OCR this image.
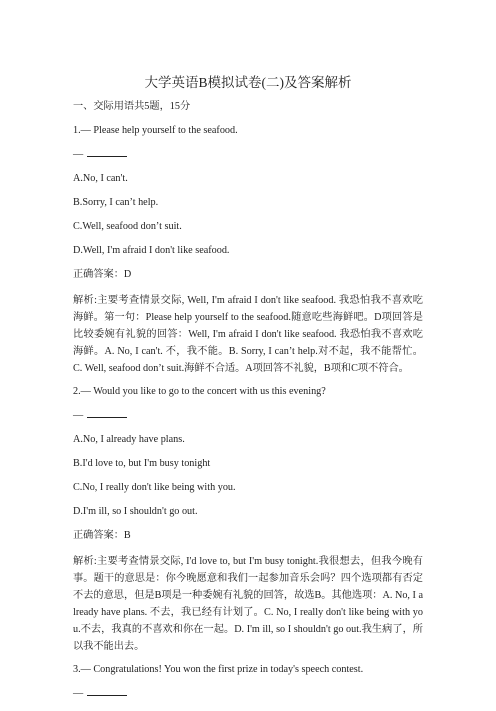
大学英语B模拟试卷(二)及答案解析

一、交际用语共5题，15分

1.— Please help yourself to the seafood.

—

A.No, I can't.

B.Sorry, I can’t help.

C.Well, seafood don’t suit.

D.Well, I'm afraid I don't like seafood.

正确答案：D

解析:主要考查情景交际, Well, I'm afraid I don't like seafood. 我恐怕我不喜欢吃海鲜。第一句：Please help yourself to the seafood.随意吃些海鲜吧。D项回答是比较委婉有礼貌的回答：Well, I'm afraid I don't like seafood. 我恐怕我不喜欢吃海鲜。A. No, I can't. 不，我不能。B. Sorry, I can’t help.对不起，我不能帮忙。C. Well, seafood don’t suit.海鲜不合适。A项回答不礼貌，B项和C项不符合。

2.— Would you like to go to the concert with us this evening?

—

A.No, I already have plans.

B.I'd love to, but I'm busy tonight

C.No, I really don't like being with you.

D.I'm ill, so I shouldn't go out.

正确答案：B

解析:主要考查情景交际, I'd love to, but I'm busy tonight.我很想去，但我今晚有事。题干的意思是：你今晚愿意和我们一起参加音乐会吗？四个选项都有否定不去的意思，但是B项是一种委婉有礼貌的回答，故选B。其他选项：A. No, I already have plans. 不去，我已经有计划了。C. No, I really don't like being with you.不去，我真的不喜欢和你在一起。D. I'm ill, so I shouldn't go out.我生病了，所以我不能出去。

3.— Congratulations! You won the first prize in today's speech contest.

—
